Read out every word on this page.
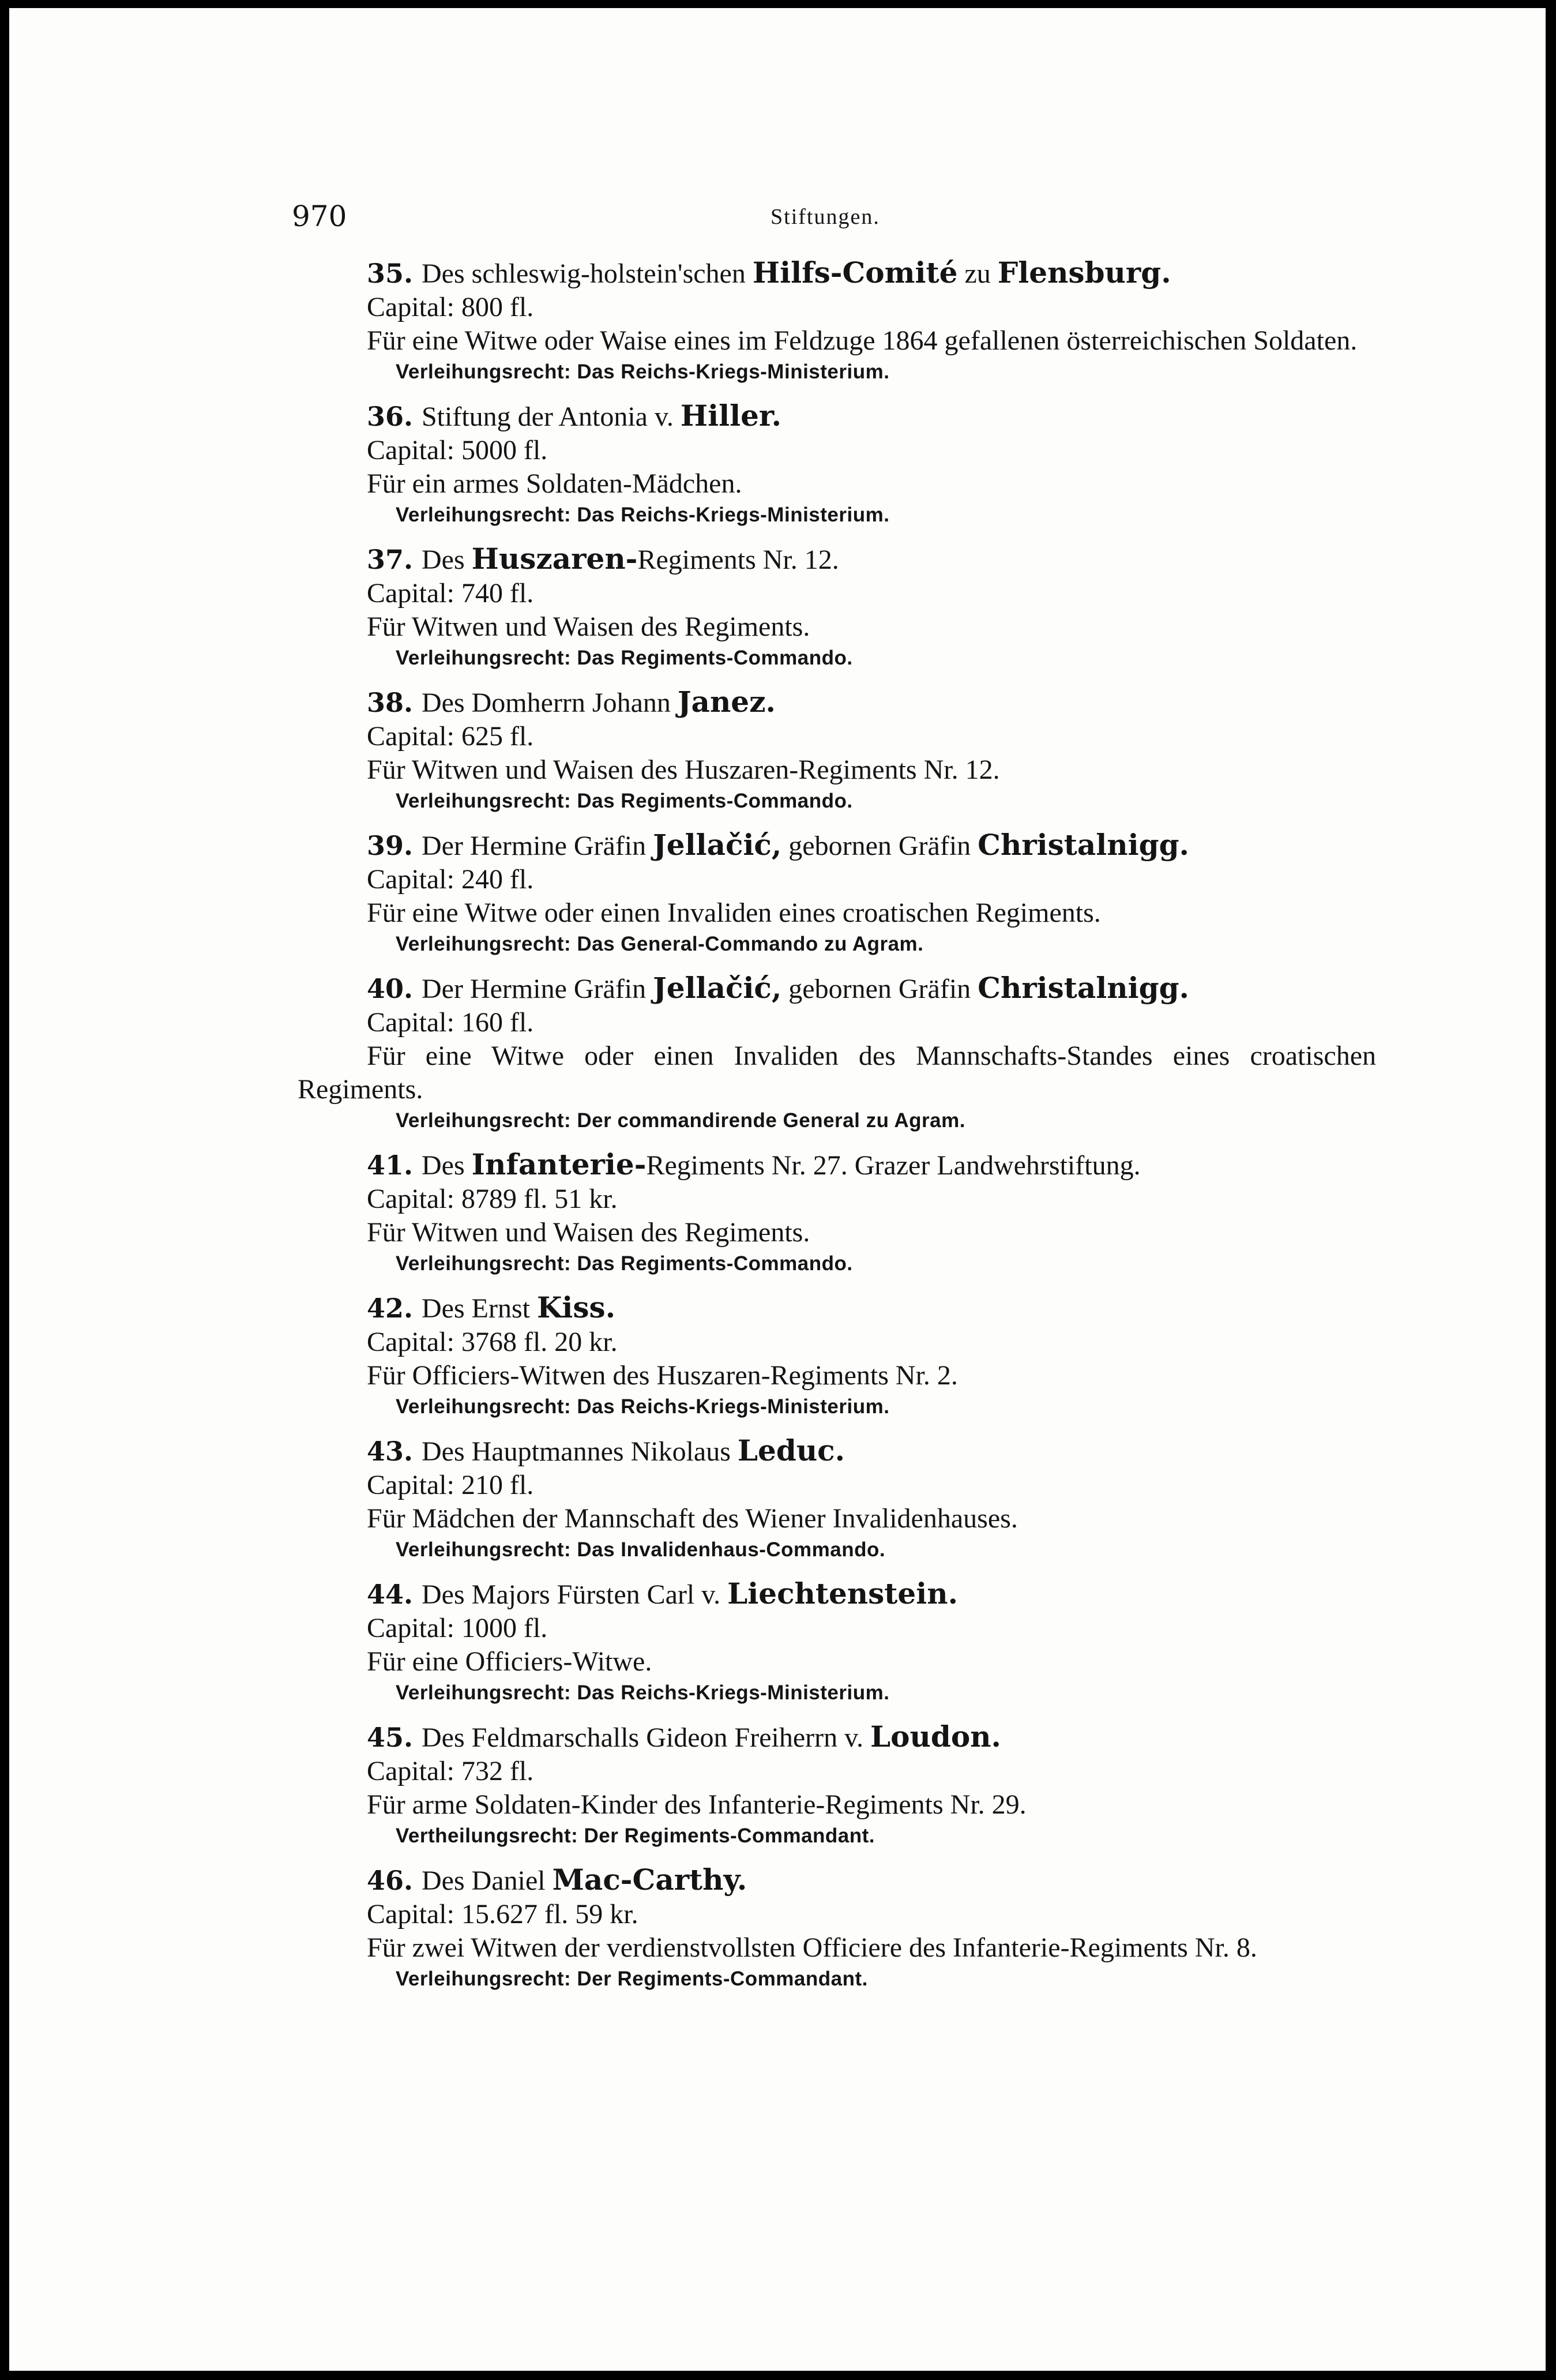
970	Stiftungen.
35. Des schleswig-holstein'schen Hilfs-Comité zu Flensburg.
Capital: 800 fl.
Für eine Witwe oder Waise eines im Feldzuge 1864 gefallenen österreichischen Soldaten.
Verleihungsrecht: Das Reichs-Kriegs-Ministerium.
36. Stiftung der Antonia v. Hiller.
Capital: 5000 fl.
Für ein armes Soldaten-Mädchen.
Verleihungsrecht: Das Reichs-Kriegs-Ministerium.
37. Des Huszaren-Regiments Nr. 12.
Capital: 740 fl.
Für Witwen und Waisen des Regiments.
Verleihungsrecht: Das Regiments-Commando.
38. Des Domherrn Johann Janez.
Capital: 625 fl.
Für Witwen und Waisen des Huszaren-Regiments Nr. 12.
Verleihungsrecht: Das Regiments-Commando.
39. Der Hermine Gräfin Jellačić, gebornen Gräfin Christalnigg.
Capital: 240 fl.
Für eine Witwe oder einen Invaliden eines croatischen Regiments.
Verleihungsrecht: Das General-Commando zu Agram.
40. Der Hermine Gräfin Jellačić, gebornen Gräfin Christalnigg.
Capital: 160 fl.
Für eine Witwe oder einen Invaliden des Mannschafts-Standes eines croatischen Regiments.
Verleihungsrecht: Der commandirende General zu Agram.
41. Des Infanterie-Regiments Nr. 27. Grazer Landwehrstiftung.
Capital: 8789 fl. 51 kr.
Für Witwen und Waisen des Regiments.
Verleihungsrecht: Das Regiments-Commando.
42. Des Ernst Kiss.
Capital: 3768 fl. 20 kr.
Für Officiers-Witwen des Huszaren-Regiments Nr. 2.
Verleihungsrecht: Das Reichs-Kriegs-Ministerium.
43. Des Hauptmannes Nikolaus Leduc.
Capital: 210 fl.
Für Mädchen der Mannschaft des Wiener Invalidenhauses.
Verleihungsrecht: Das Invalidenhaus-Commando.
44. Des Majors Fürsten Carl v. Liechtenstein.
Capital: 1000 fl.
Für eine Officiers-Witwe.
Verleihungsrecht: Das Reichs-Kriegs-Ministerium.
45. Des Feldmarschalls Gideon Freiherrn v. Loudon.
Capital: 732 fl.
Für arme Soldaten-Kinder des Infanterie-Regiments Nr. 29.
Vertheilungsrecht: Der Regiments-Commandant.
46. Des Daniel Mac-Carthy.
Capital: 15.627 fl. 59 kr.
Für zwei Witwen der verdienstvollsten Officiere des Infanterie-Regiments Nr. 8.
Verleihungsrecht: Der Regiments-Commandant.
